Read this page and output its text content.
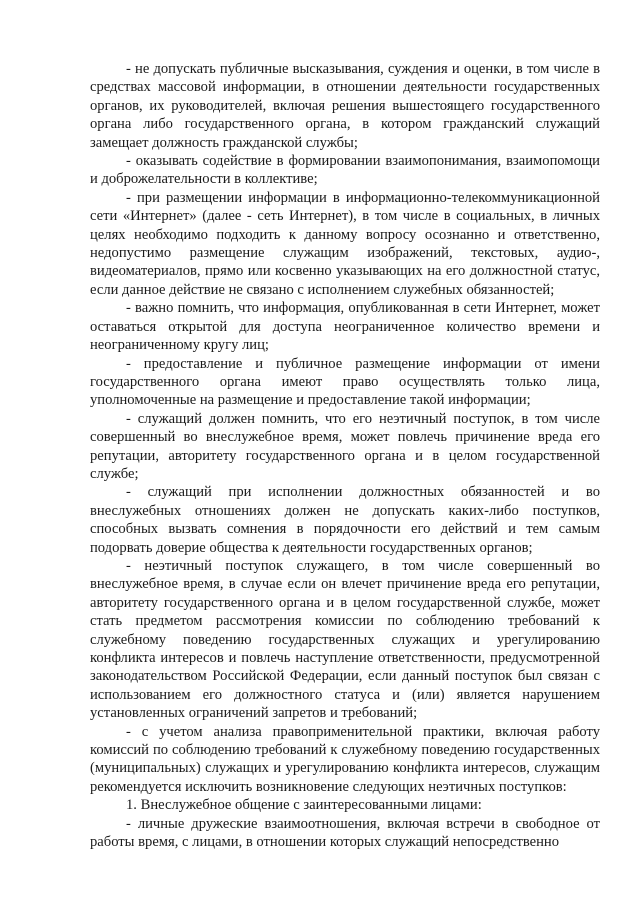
- не допускать публичные высказывания, суждения и оценки, в том числе в средствах массовой информации, в отношении деятельности государственных органов, их руководителей, включая решения вышестоящего государственного органа либо государственного органа, в котором гражданский служащий замещает должность гражданской службы;

- оказывать содействие в формировании взаимопонимания, взаимопомощи и доброжелательности в коллективе;

- при размещении информации в информационно-телекоммуникационной сети «Интернет» (далее - сеть Интернет), в том числе в социальных, в личных целях необходимо подходить к данному вопросу осознанно и ответственно, недопустимо размещение служащим изображений, текстовых, аудио-, видеоматериалов, прямо или косвенно указывающих на его должностной статус, если данное действие не связано с исполнением служебных обязанностей;

- важно помнить, что информация, опубликованная в сети Интернет, может оставаться открытой для доступа неограниченное количество времени и неограниченному кругу лиц;

- предоставление и публичное размещение информации от имени государственного органа имеют право осуществлять только лица, уполномоченные на размещение и предоставление такой информации;

- служащий должен помнить, что его неэтичный поступок, в том числе совершенный во внеслужебное время, может повлечь причинение вреда его репутации, авторитету государственного органа и в целом государственной службе;

- служащий при исполнении должностных обязанностей и во внеслужебных отношениях должен не допускать каких-либо поступков, способных вызвать сомнения в порядочности его действий и тем самым подорвать доверие общества к деятельности государственных органов;

- неэтичный поступок служащего, в том числе совершенный во внеслужебное время, в случае если он влечет причинение вреда его репутации, авторитету государственного органа и в целом государственной службе, может стать предметом рассмотрения комиссии по соблюдению требований к служебному поведению государственных служащих и урегулированию конфликта интересов и повлечь наступление ответственности, предусмотренной законодательством Российской Федерации, если данный поступок был связан с использованием его должностного статуса и (или) является нарушением установленных ограничений запретов и требований;

- с учетом анализа правоприменительной практики, включая работу комиссий по соблюдению требований к служебному поведению государственных (муниципальных) служащих и урегулированию конфликта интересов, служащим рекомендуется исключить возникновение следующих неэтичных поступков:

1. Внеслужебное общение с заинтересованными лицами:

- личные дружеские взаимоотношения, включая встречи в свободное от работы время, с лицами, в отношении которых служащий непосредственно
